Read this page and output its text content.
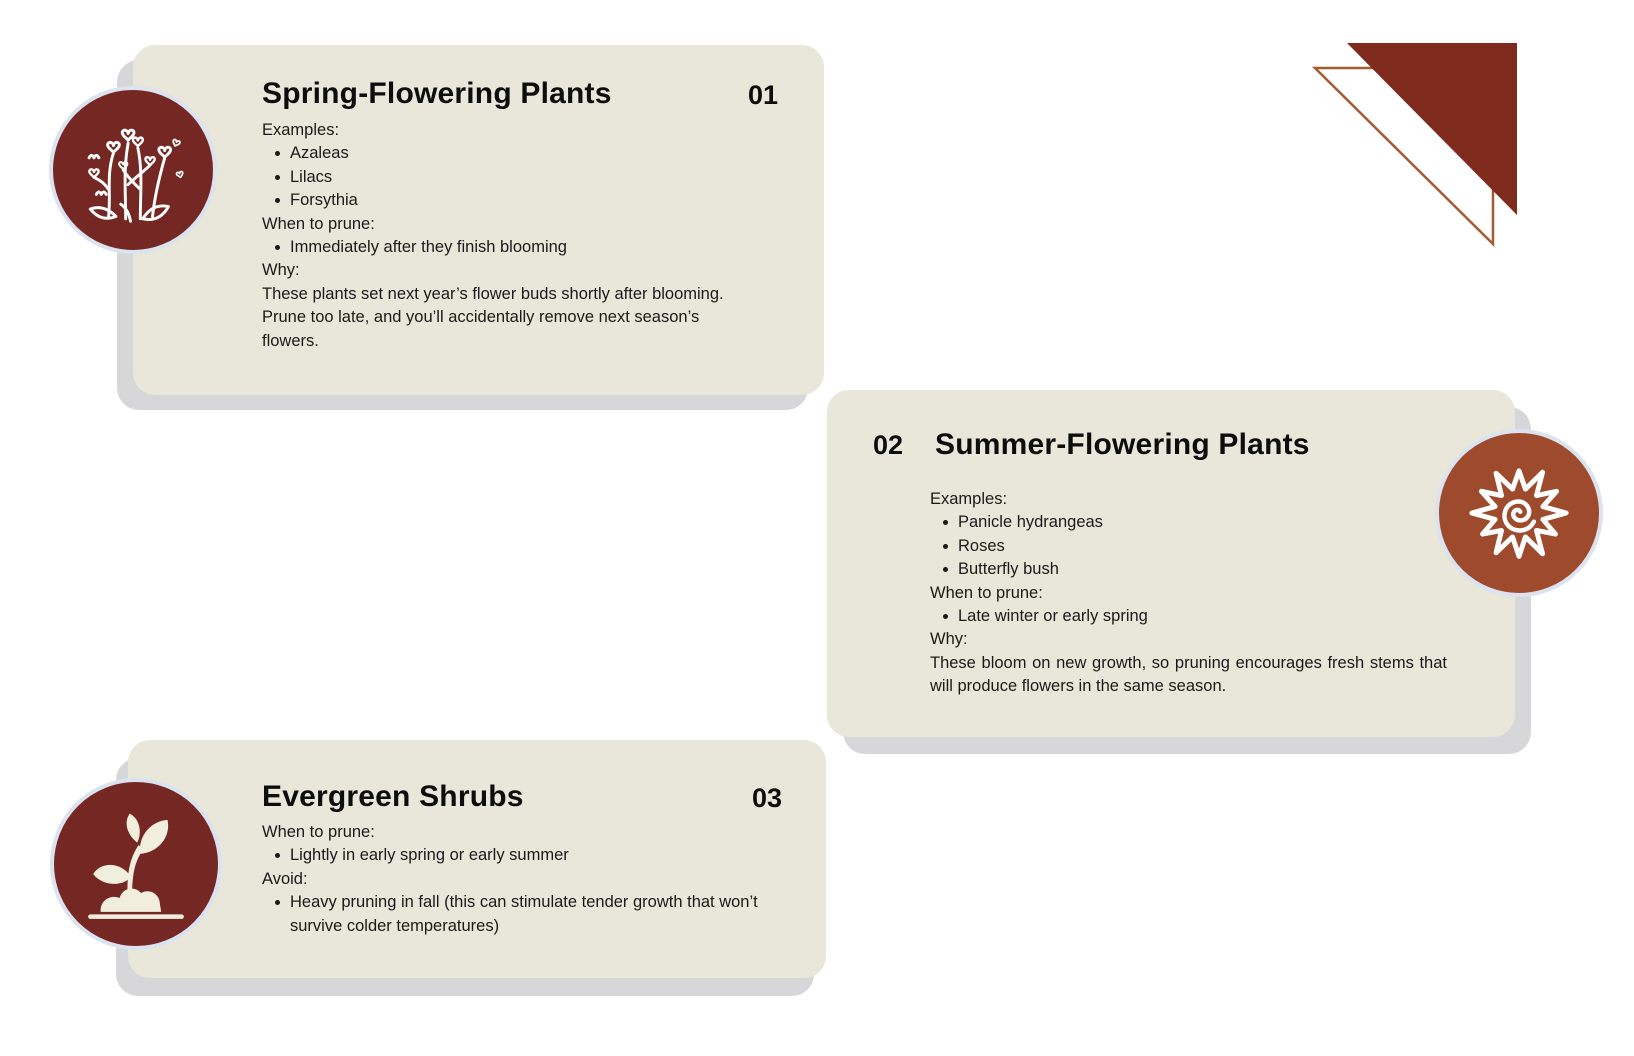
Spring-Flowering Plants	01
Examples:
Azaleas
Lilacs
Forsythia
When to prune:
Immediately after they finish blooming
Why:
These plants set next year’s flower buds shortly after blooming. Prune too late, and you’ll accidentally remove next season’s flowers.
02 Summer-Flowering Plants
Examples:
Panicle hydrangeas
Roses
Butterfly bush
When to prune:
Late winter or early spring
Why:
These bloom on new growth, so pruning encourages fresh stems that will produce flowers in the same season.
Evergreen Shrubs	03
When to prune:
Lightly in early spring or early summer
Avoid:
Heavy pruning in fall (this can stimulate tender growth that won’t survive colder temperatures)
